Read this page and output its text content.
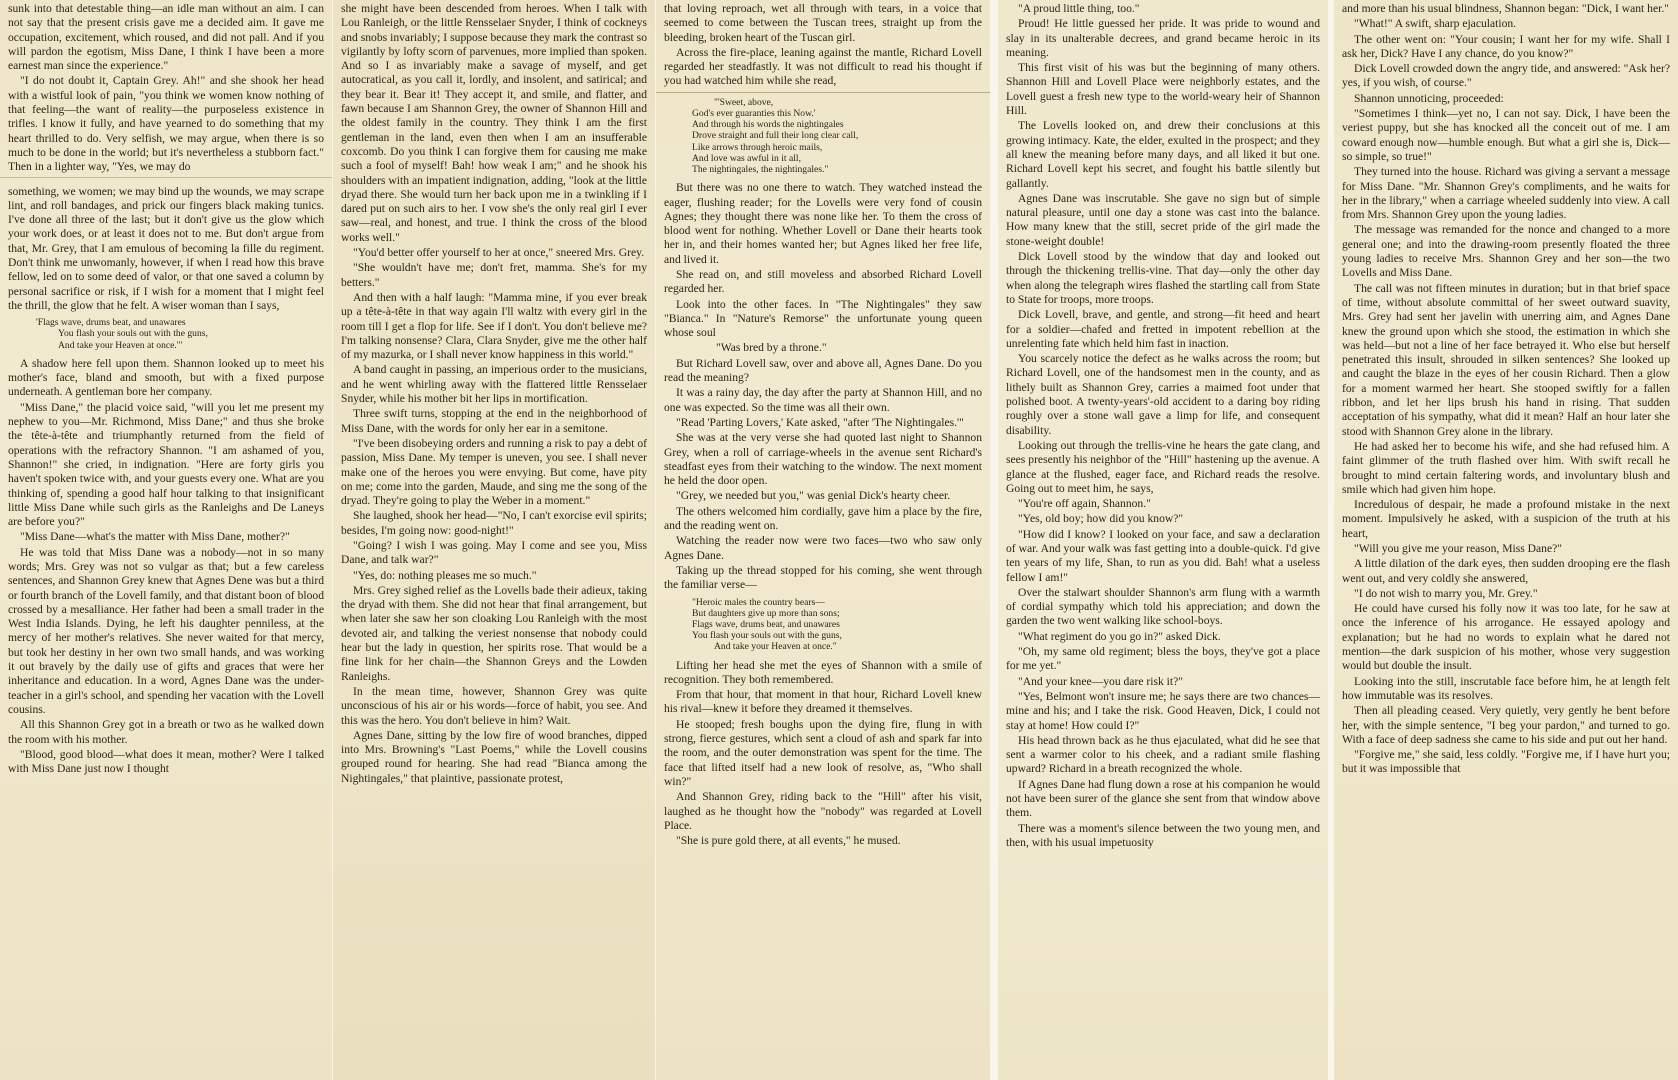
sunk into that detestable thing—an idle man without an aim. I can not say that the present crisis gave me a decided aim. It gave me occupation, excitement, which roused, and did not pall. And if you will pardon the egotism, Miss Dane, I think I have been a more earnest man since the experience."

"I do not doubt it, Captain Grey. Ah!" and she shook her head with a wistful look of pain, "you think we women know nothing of that feeling—the want of reality—the purposeless existence in trifles. I know it fully, and have yearned to do something that my heart thrilled to do. Very selfish, we may argue, when there is so much to be done in the world; but it's nevertheless a stubborn fact." Then in a lighter way, "Yes, we may do

something, we women; we may bind up the wounds, we may scrape lint, and roll bandages, and prick our fingers black making tunics. I've done all three of the last; but it don't give us the glow which your work does, or at least it does not to me. But don't argue from that, Mr. Grey, that I am emulous of becoming la fille du regiment. Don't think me unwomanly, however, if when I read how this brave fellow, led on to some deed of valor, or that one saved a column by personal sacrifice or risk, if I wish for a moment that I might feel the thrill, the glow that he felt. A wiser woman than I says,

'Flags wave, drums beat, and unawares
You flash your souls out with the guns,
And take your Heaven at once.'"

A shadow here fell upon them. Shannon looked up to meet his mother's face, bland and smooth, but with a fixed purpose underneath. A gentleman bore her company.

"Miss Dane," the placid voice said, "will you let me present my nephew to you—Mr. Richmond, Miss Dane;" and thus she broke the tête-à-tête and triumphantly returned from the field of operations with the refractory Shannon. "I am ashamed of you, Shannon!" she cried, in indignation. "Here are forty girls you haven't spoken twice with, and your guests every one. What are you thinking of, spending a good half hour talking to that insignificant little Miss Dane while such girls as the Ranleighs and De Laneys are before you?"

"Miss Dane—what's the matter with Miss Dane, mother?"

He was told that Miss Dane was a nobody—not in so many words; Mrs. Grey was not so vulgar as that; but a few careless sentences, and Shannon Grey knew that Agnes Dene was but a third or fourth branch of the Lovell family, and that distant boon of blood crossed by a mesalliance. Her father had been a small trader in the West India Islands. Dying, he left his daughter penniless, at the mercy of her mother's relatives. She never waited for that mercy, but took her destiny in her own two small hands, and was working it out bravely by the daily use of gifts and graces that were her inheritance and education. In a word, Agnes Dane was the under-teacher in a girl's school, and spending her vacation with the Lovell cousins.

All this Shannon Grey got in a breath or two as he walked down the room with his mother.

"Blood, good blood—what does it mean, mother? Were I talked with Miss Dane just now I thought

she might have been descended from heroes. When I talk with Lou Ranleigh, or the little Rensselaer Snyder, I think of cockneys and snobs invariably; I suppose because they mark the contrast so vigilantly by lofty scorn of parvenues, more implied than spoken. And so I as invariably make a savage of myself, and get autocratical, as you call it, lordly, and insolent, and satirical; and they bear it. Bear it! They accept it, and smile, and flatter, and fawn because I am Shannon Grey, the owner of Shannon Hill and the oldest family in the country. They think I am the first gentleman in the land, even then when I am an insufferable coxcomb. Do you think I can forgive them for causing me make such a fool of myself! Bah! how weak I am;" and he shook his shoulders with an impatient indignation, adding, "look at the little dryad there. She would turn her back upon me in a twinkling if I dared put on such airs to her. I vow she's the only real girl I ever saw—real, and honest, and true. I think the cross of the blood works well."

"You'd better offer yourself to her at once," sneered Mrs. Grey.

"She wouldn't have me; don't fret, mamma. She's for my betters."

And then with a half laugh: "Mamma mine, if you ever break up a tête-à-tête in that way again I'll waltz with every girl in the room till I get a flop for life. See if I don't. You don't believe me? I'm talking nonsense? Clara, Clara Snyder, give me the other half of my mazurka, or I shall never know happiness in this world."

A band caught in passing, an imperious order to the musicians, and he went whirling away with the flattered little Rensselaer Snyder, while his mother bit her lips in mortification.

Three swift turns, stopping at the end in the neighborhood of Miss Dane, with the words for only her ear in a semitone.

"I've been disobeying orders and running a risk to pay a debt of passion, Miss Dane. My temper is uneven, you see. I shall never make one of the heroes you were envying. But come, have pity on me; come into the garden, Maude, and sing me the song of the dryad. They're going to play the Weber in a moment."

She laughed, shook her head—"No, I can't exorcise evil spirits; besides, I'm going now: good-night!"

"Going? I wish I was going. May I come and see you, Miss Dane, and talk war?"

"Yes, do: nothing pleases me so much."

Mrs. Grey sighed relief as the Lovells bade their adieux, taking the dryad with them. She did not hear that final arrangement, but when later she saw her son cloaking Lou Ranleigh with the most devoted air, and talking the veriest nonsense that nobody could hear but the lady in question, her spirits rose. That would be a fine link for her chain—the Shannon Greys and the Lowden Ranleighs.

In the mean time, however, Shannon Grey was quite unconscious of his air or his words—force of habit, you see. And this was the hero. You don't believe in him? Wait.

Agnes Dane, sitting by the low fire of wood branches, dipped into Mrs. Browning's "Last Poems," while the Lovell cousins grouped round for hearing. She had read "Bianca among the Nightingales," that plaintive, passionate protest,

that loving reproach, wet all through with tears, in a voice that seemed to come between the Tuscan trees, straight up from the bleeding, broken heart of the Tuscan girl.

Across the fire-place, leaning against the mantle, Richard Lovell regarded her steadfastly. It was not difficult to read his thought if you had watched him while she read,

"'Sweet, above,
God's ever guaranties this Now.'
And through his words the nightingales
Drove straight and full their long clear call,
Like arrows through heroic mails,
And love was awful in it all,
The nightingales, the nightingales."

But there was no one there to watch. They watched instead the eager, flushing reader; for the Lovells were very fond of cousin Agnes; they thought there was none like her. To them the cross of blood went for nothing. Whether Lovell or Dane their hearts took her in, and their homes wanted her; but Agnes liked her free life, and lived it.

She read on, and still moveless and absorbed Richard Lovell regarded her.

Look into the other faces. In "The Nightingales" they saw "Bianca." In "Nature's Remorse" the unfortunate young queen whose soul

"Was bred by a throne."

But Richard Lovell saw, over and above all, Agnes Dane. Do you read the meaning?

It was a rainy day, the day after the party at Shannon Hill, and no one was expected. So the time was all their own.

"Read 'Parting Lovers,' Kate asked, "after 'The Nightingales.'"

She was at the very verse she had quoted last night to Shannon Grey, when a roll of carriage-wheels in the avenue sent Richard's steadfast eyes from their watching to the window. The next moment he held the door open.

"Grey, we needed but you," was genial Dick's hearty cheer.

The others welcomed him cordially, gave him a place by the fire, and the reading went on.

Watching the reader now were two faces—two who saw only Agnes Dane.

Taking up the thread stopped for his coming, she went through the familiar verse—

"Heroic males the country bears—
But daughters give up more than sons;
Flags wave, drums beat, and unawares
You flash your souls out with the guns,
And take your Heaven at once."

Lifting her head she met the eyes of Shannon with a smile of recognition. They both remembered.

From that hour, that moment in that hour, Richard Lovell knew his rival—knew it before they dreamed it themselves.

He stooped; fresh boughs upon the dying fire, flung in with strong, fierce gestures, which sent a cloud of ash and spark far into the room, and the outer demonstration was spent for the time. The face that lifted itself had a new look of resolve, as, "Who shall win?"

And Shannon Grey, riding back to the "Hill" after his visit, laughed as he thought how the "nobody" was regarded at Lovell Place.

"She is pure gold there, at all events," he mused.

"A proud little thing, too."

Proud! He little guessed her pride. It was pride to wound and slay in its unalterable decrees, and grand became heroic in its meaning.

This first visit of his was but the beginning of many others. Shannon Hill and Lovell Place were neighborly estates, and the Lovell guest a fresh new type to the world-weary heir of Shannon Hill.

The Lovells looked on, and drew their conclusions at this growing intimacy. Kate, the elder, exulted in the prospect; and they all knew the meaning before many days, and all liked it but one. Richard Lovell kept his secret, and fought his battle silently but gallantly.

Agnes Dane was inscrutable. She gave no sign but of simple natural pleasure, until one day a stone was cast into the balance. How many knew that the still, secret pride of the girl made the stone-weight double!

Dick Lovell stood by the window that day and looked out through the thickening trellis-vine. That day—only the other day when along the telegraph wires flashed the startling call from State to State for troops, more troops.

Dick Lovell, brave, and gentle, and strong—fit heed and heart for a soldier—chafed and fretted in impotent rebellion at the unrelenting fate which held him fast in inaction.

You scarcely notice the defect as he walks across the room; but Richard Lovell, one of the handsomest men in the county, and as lithely built as Shannon Grey, carries a maimed foot under that polished boot. A twenty-years'-old accident to a daring boy riding roughly over a stone wall gave a limp for life, and consequent disability.

Looking out through the trellis-vine he hears the gate clang, and sees presently his neighbor of the "Hill" hastening up the avenue. A glance at the flushed, eager face, and Richard reads the resolve. Going out to meet him, he says,

"You're off again, Shannon."

"Yes, old boy; how did you know?"

"How did I know? I looked on your face, and saw a declaration of war. And your walk was fast getting into a double-quick. I'd give ten years of my life, Shan, to run as you did. Bah! what a useless fellow I am!"

Over the stalwart shoulder Shannon's arm flung with a warmth of cordial sympathy which told his appreciation; and down the garden the two went walking like school-boys.

"What regiment do you go in?" asked Dick.

"Oh, my same old regiment; bless the boys, they've got a place for me yet."

"And your knee—you dare risk it?"

"Yes, Belmont won't insure me; he says there are two chances—mine and his; and I take the risk. Good Heaven, Dick, I could not stay at home! How could I?"

His head thrown back as he thus ejaculated, what did he see that sent a warmer color to his cheek, and a radiant smile flashing upward? Richard in a breath recognized the whole.

If Agnes Dane had flung down a rose at his companion he would not have been surer of the glance she sent from that window above them.

There was a moment's silence between the two young men, and then, with his usual impetuosity

and more than his usual blindness, Shannon began: "Dick, I want her."

"What!" A swift, sharp ejaculation.

The other went on: "Your cousin; I want her for my wife. Shall I ask her, Dick? Have I any chance, do you know?"

Dick Lovell crowded down the angry tide, and answered: "Ask her? yes, if you wish, of course."

Shannon unnoticing, proceeded:

"Sometimes I think—yet no, I can not say. Dick, I have been the veriest puppy, but she has knocked all the conceit out of me. I am coward enough now—humble enough. But what a girl she is, Dick—so simple, so true!"

They turned into the house. Richard was giving a servant a message for Miss Dane. "Mr. Shannon Grey's compliments, and he waits for her in the library," when a carriage wheeled suddenly into view. A call from Mrs. Shannon Grey upon the young ladies.

The message was remanded for the nonce and changed to a more general one; and into the drawing-room presently floated the three young ladies to receive Mrs. Shannon Grey and her son—the two Lovells and Miss Dane.

The call was not fifteen minutes in duration; but in that brief space of time, without absolute committal of her sweet outward suavity, Mrs. Grey had sent her javelin with unerring aim, and Agnes Dane knew the ground upon which she stood, the estimation in which she was held—but not a line of her face betrayed it. Who else but herself penetrated this insult, shrouded in silken sentences? She looked up and caught the blaze in the eyes of her cousin Richard. Then a glow for a moment warmed her heart. She stooped swiftly for a fallen ribbon, and let her lips brush his hand in rising. That sudden acceptation of his sympathy, what did it mean? Half an hour later she stood with Shannon Grey alone in the library.

He had asked her to become his wife, and she had refused him. A faint glimmer of the truth flashed over him. With swift recall he brought to mind certain faltering words, and involuntary blush and smile which had given him hope.

Incredulous of despair, he made a profound mistake in the next moment. Impulsively he asked, with a suspicion of the truth at his heart,

"Will you give me your reason, Miss Dane?"

A little dilation of the dark eyes, then sudden drooping ere the flash went out, and very coldly she answered,

"I do not wish to marry you, Mr. Grey."

He could have cursed his folly now it was too late, for he saw at once the inference of his arrogance. He essayed apology and explanation; but he had no words to explain what he dared not mention—the dark suspicion of his mother, whose very suggestion would but double the insult.

Looking into the still, inscrutable face before him, he at length felt how immutable was its resolves.

Then all pleading ceased. Very quietly, very gently he bent before her, with the simple sentence, "I beg your pardon," and turned to go. With a face of deep sadness she came to his side and put out her hand.

"Forgive me," she said, less coldly. "Forgive me, if I have hurt you; but it was impossible that
